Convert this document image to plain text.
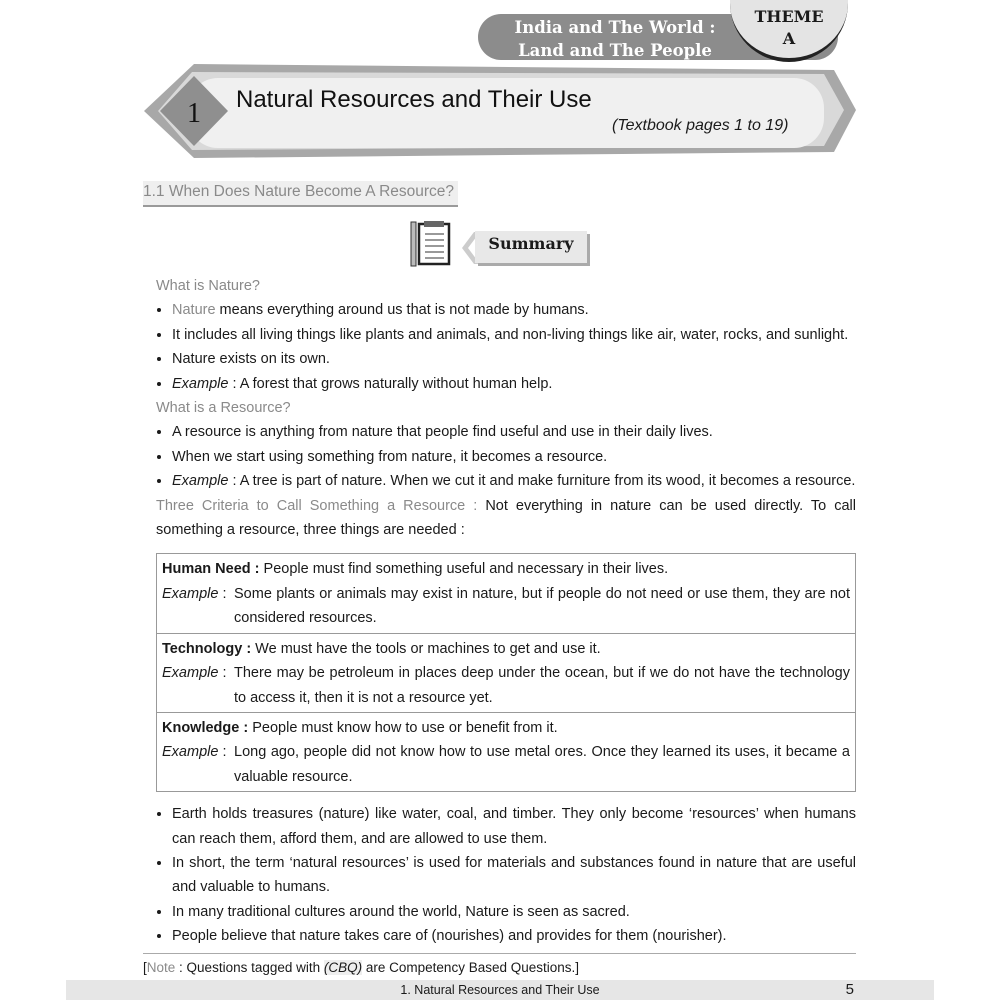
India and The World :
Land and The People
THEME
A
1 Natural Resources and Their Use
(Textbook pages 1 to 19)
1.1 When Does Nature Become A Resource?
Summary

What is Nature?

• Nature means everything around us that is not made by humans.
• It includes all living things like plants and animals, and non-living things like air, water, rocks, and sunlight.
• Nature exists on its own.
• Example : A forest that grows naturally without human help.

What is a Resource?

• A resource is anything from nature that people find useful and use in their daily lives.
• When we start using something from nature, it becomes a resource.
• Example : A tree is part of nature. When we cut it and make furniture from its wood, it becomes a resource.

Three Criteria to Call Something a Resource : Not everything in nature can be used directly. To call something a resource, three things are needed :

Human Need : People must find something useful and necessary in their lives.
Example : Some plants or animals may exist in nature, but if people do not need or use them, they are not considered resources.
Technology : We must have the tools or machines to get and use it.
Example : There may be petroleum in places deep under the ocean, but if we do not have the technology to access it, then it is not a resource yet.
Knowledge : People must know how to use or benefit from it.
Example : Long ago, people did not know how to use metal ores. Once they learned its uses, it became a valuable resource.
• Earth holds treasures (nature) like water, coal, and timber. They only become ‘resources’ when humans can reach them, afford them, and are allowed to use them.
• In short, the term ‘natural resources’ is used for materials and substances found in nature that are useful and valuable to humans.
• In many traditional cultures around the world, Nature is seen as sacred.
• People believe that nature takes care of (nourishes) and provides for them (nourisher).

[Note : Questions tagged with (CBQ) are Competency Based Questions.]

1. Natural Resources and Their Use	5
